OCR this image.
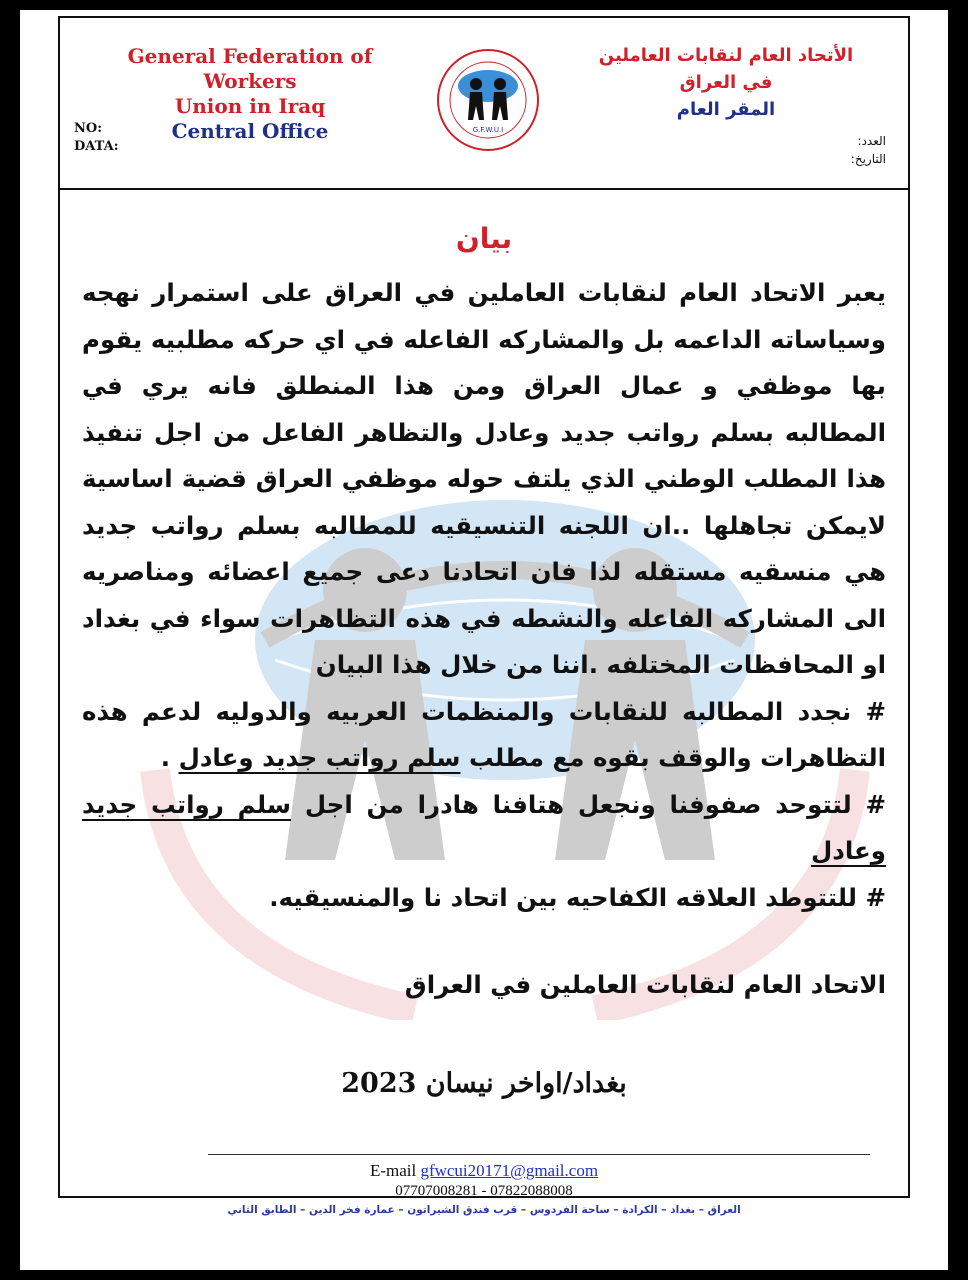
General Federation of Workers
Union in Iraq
Central Office
NO:
DATA:
G.F.W.U.I
الأتحاد العام لنقابات العاملين
في العراق
المقر العام
العدد:
التاريخ:
بيان

يعبر الاتحاد العام لنقابات العاملين في العراق على استمرار نهجه وسياساته الداعمه بل والمشاركه الفاعله في اي حركه مطلبيه يقوم بها موظفي و عمال العراق ومن هذا المنطلق فانه يري في المطالبه بسلم رواتب جديد وعادل والتظاهر الفاعل من اجل تنفيذ هذا المطلب الوطني الذي يلتف حوله موظفي العراق قضية اساسية لايمكن تجاهلها ..ان اللجنه التنسيقيه للمطالبه بسلم رواتب جديد هي منسقيه مستقله لذا فان اتحادنا دعى جميع اعضائه ومناصريه الى المشاركه الفاعله والنشطه في هذه التظاهرات سواء في بغداد او المحافظات المختلفه .اننا من خلال هذا البيان

# نجدد المطالبه للنقابات والمنظمات العربيه والدوليه لدعم هذه التظاهرات والوقف بقوه مع مطلب سلم رواتب جديد وعادل .

# لتتوحد صفوفنا ونجعل هتافنا هادرا من اجل سلم رواتب جديد وعادل

# للتتوطد العلاقه الكفاحيه بين اتحاد نا والمنسيقيه.

الاتحاد العام لنقابات العاملين في العراق
بغداد/اواخر نيسان 2023
E-mail gfwcui20171@gmail.com
07707008281 - 07822088008
العراق – بغداد – الكرادة – ساحة الفردوس – قرب فندق الشيراتون – عمارة فخر الدين – الطابق الثاني
